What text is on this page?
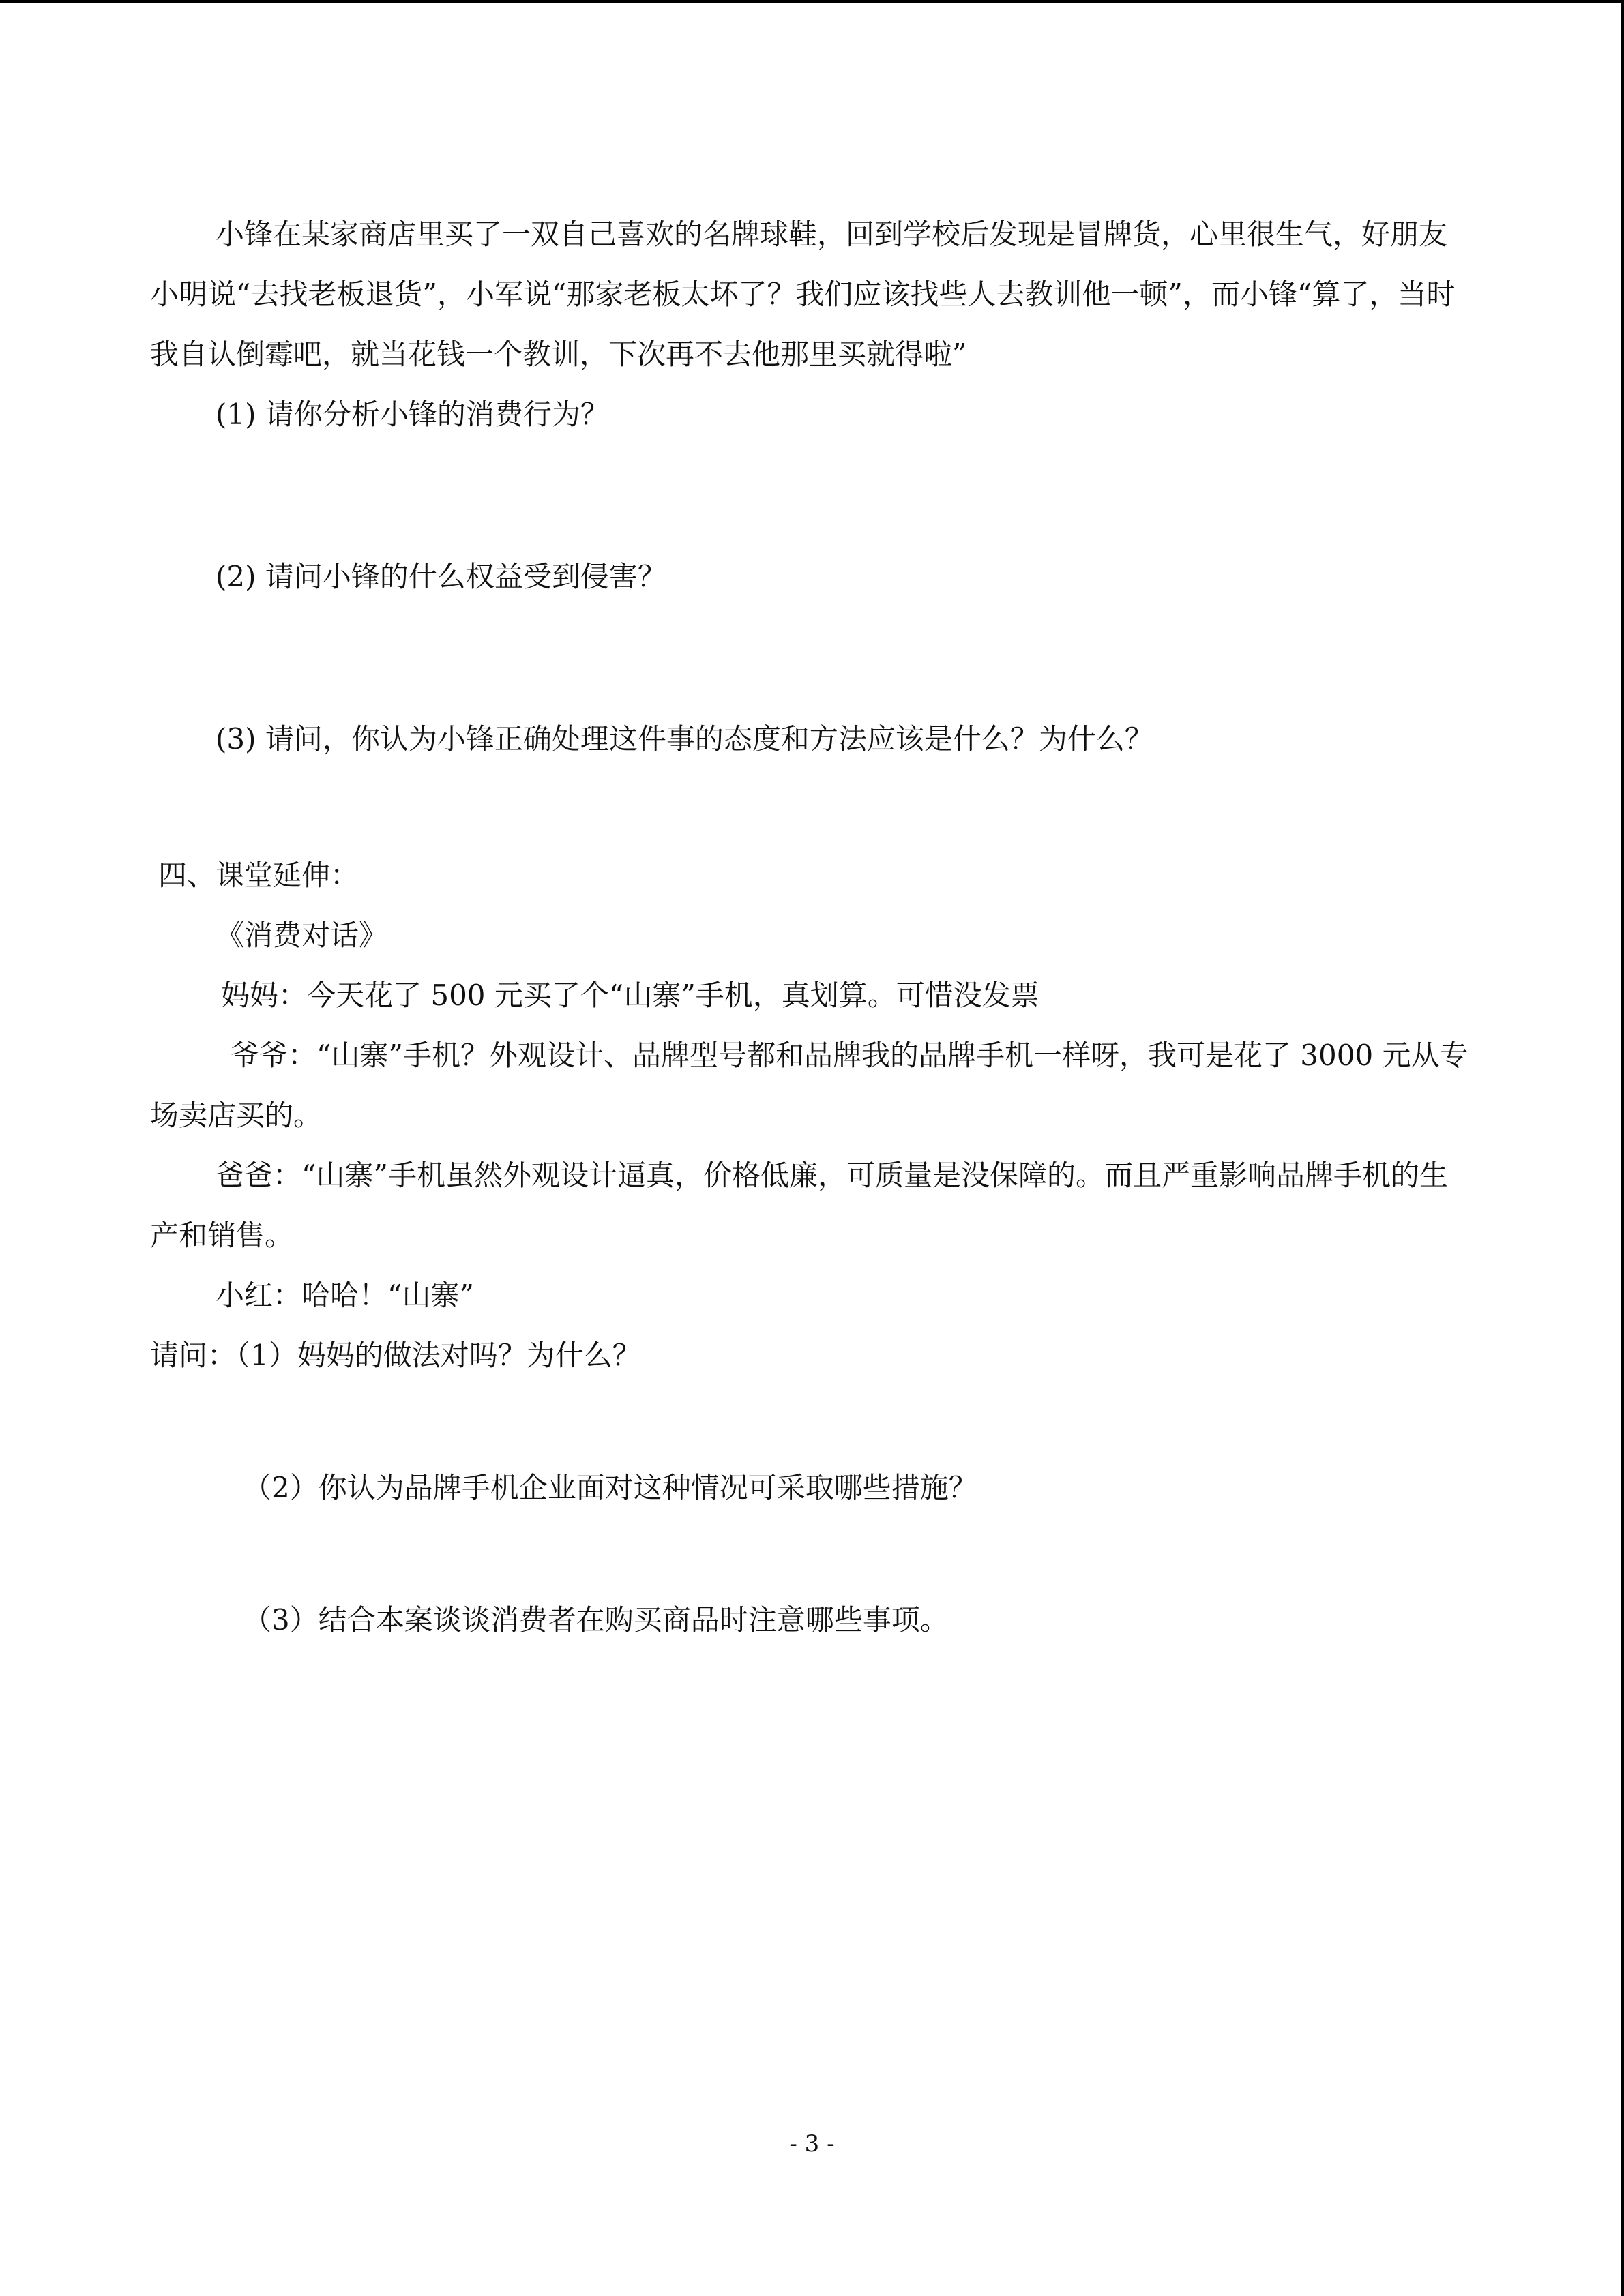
小锋在某家商店里买了一双自己喜欢的名牌球鞋，回到学校后发现是冒牌货，心里很生气，好朋友小明说“去找老板退货”，小军说“那家老板太坏了？我们应该找些人去教训他一顿”，而小锋“算了，当时我自认倒霉吧，就当花钱一个教训，下次再不去他那里买就得啦”

(1) 请你分析小锋的消费行为？

(2) 请问小锋的什么权益受到侵害？

(3) 请问，你认为小锋正确处理这件事的态度和方法应该是什么？为什么？

四、课堂延伸：

《消费对话》

妈妈：今天花了 500 元买了个“山寨”手机，真划算。可惜没发票

爷爷：“山寨”手机？外观设计、品牌型号都和品牌我的品牌手机一样呀，我可是花了 3000 元从专场卖店买的。

爸爸：“山寨”手机虽然外观设计逼真，价格低廉，可质量是没保障的。而且严重影响品牌手机的生产和销售。

小红：哈哈！“山寨”

请问：（1）妈妈的做法对吗？为什么？

（2）你认为品牌手机企业面对这种情况可采取哪些措施？

（3）结合本案谈谈消费者在购买商品时注意哪些事项。

- 3 -
